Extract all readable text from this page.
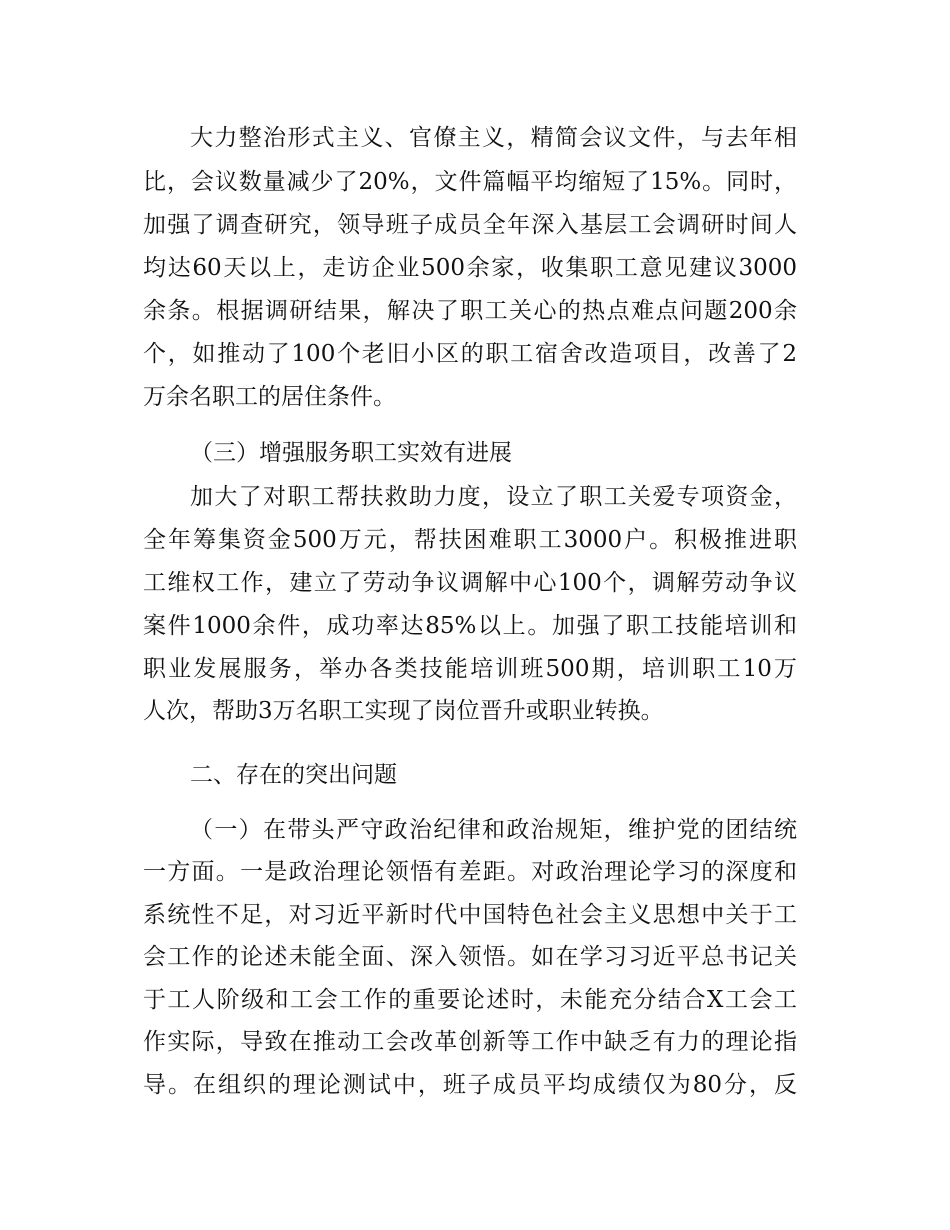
大力整治形式主义、官僚主义，精简会议文件，与去年相
比，会议数量减少了20%，文件篇幅平均缩短了15%。同时，
加强了调查研究，领导班子成员全年深入基层工会调研时间人
均达60天以上，走访企业500余家，收集职工意见建议3000
余条。根据调研结果，解决了职工关心的热点难点问题200余
个，如推动了100个老旧小区的职工宿舍改造项目，改善了2
万余名职工的居住条件。
（三）增强服务职工实效有进展
加大了对职工帮扶救助力度，设立了职工关爱专项资金，
全年筹集资金500万元，帮扶困难职工3000户。积极推进职
工维权工作，建立了劳动争议调解中心100个，调解劳动争议
案件1000余件，成功率达85%以上。加强了职工技能培训和
职业发展服务，举办各类技能培训班500期，培训职工10万
人次，帮助3万名职工实现了岗位晋升或职业转换。
二、存在的突出问题
（一）在带头严守政治纪律和政治规矩，维护党的团结统
一方面。一是政治理论领悟有差距。对政治理论学习的深度和
系统性不足，对习近平新时代中国特色社会主义思想中关于工
会工作的论述未能全面、深入领悟。如在学习习近平总书记关
于工人阶级和工会工作的重要论述时，未能充分结合X工会工
作实际，导致在推动工会改革创新等工作中缺乏有力的理论指
导。在组织的理论测试中，班子成员平均成绩仅为80分，反
